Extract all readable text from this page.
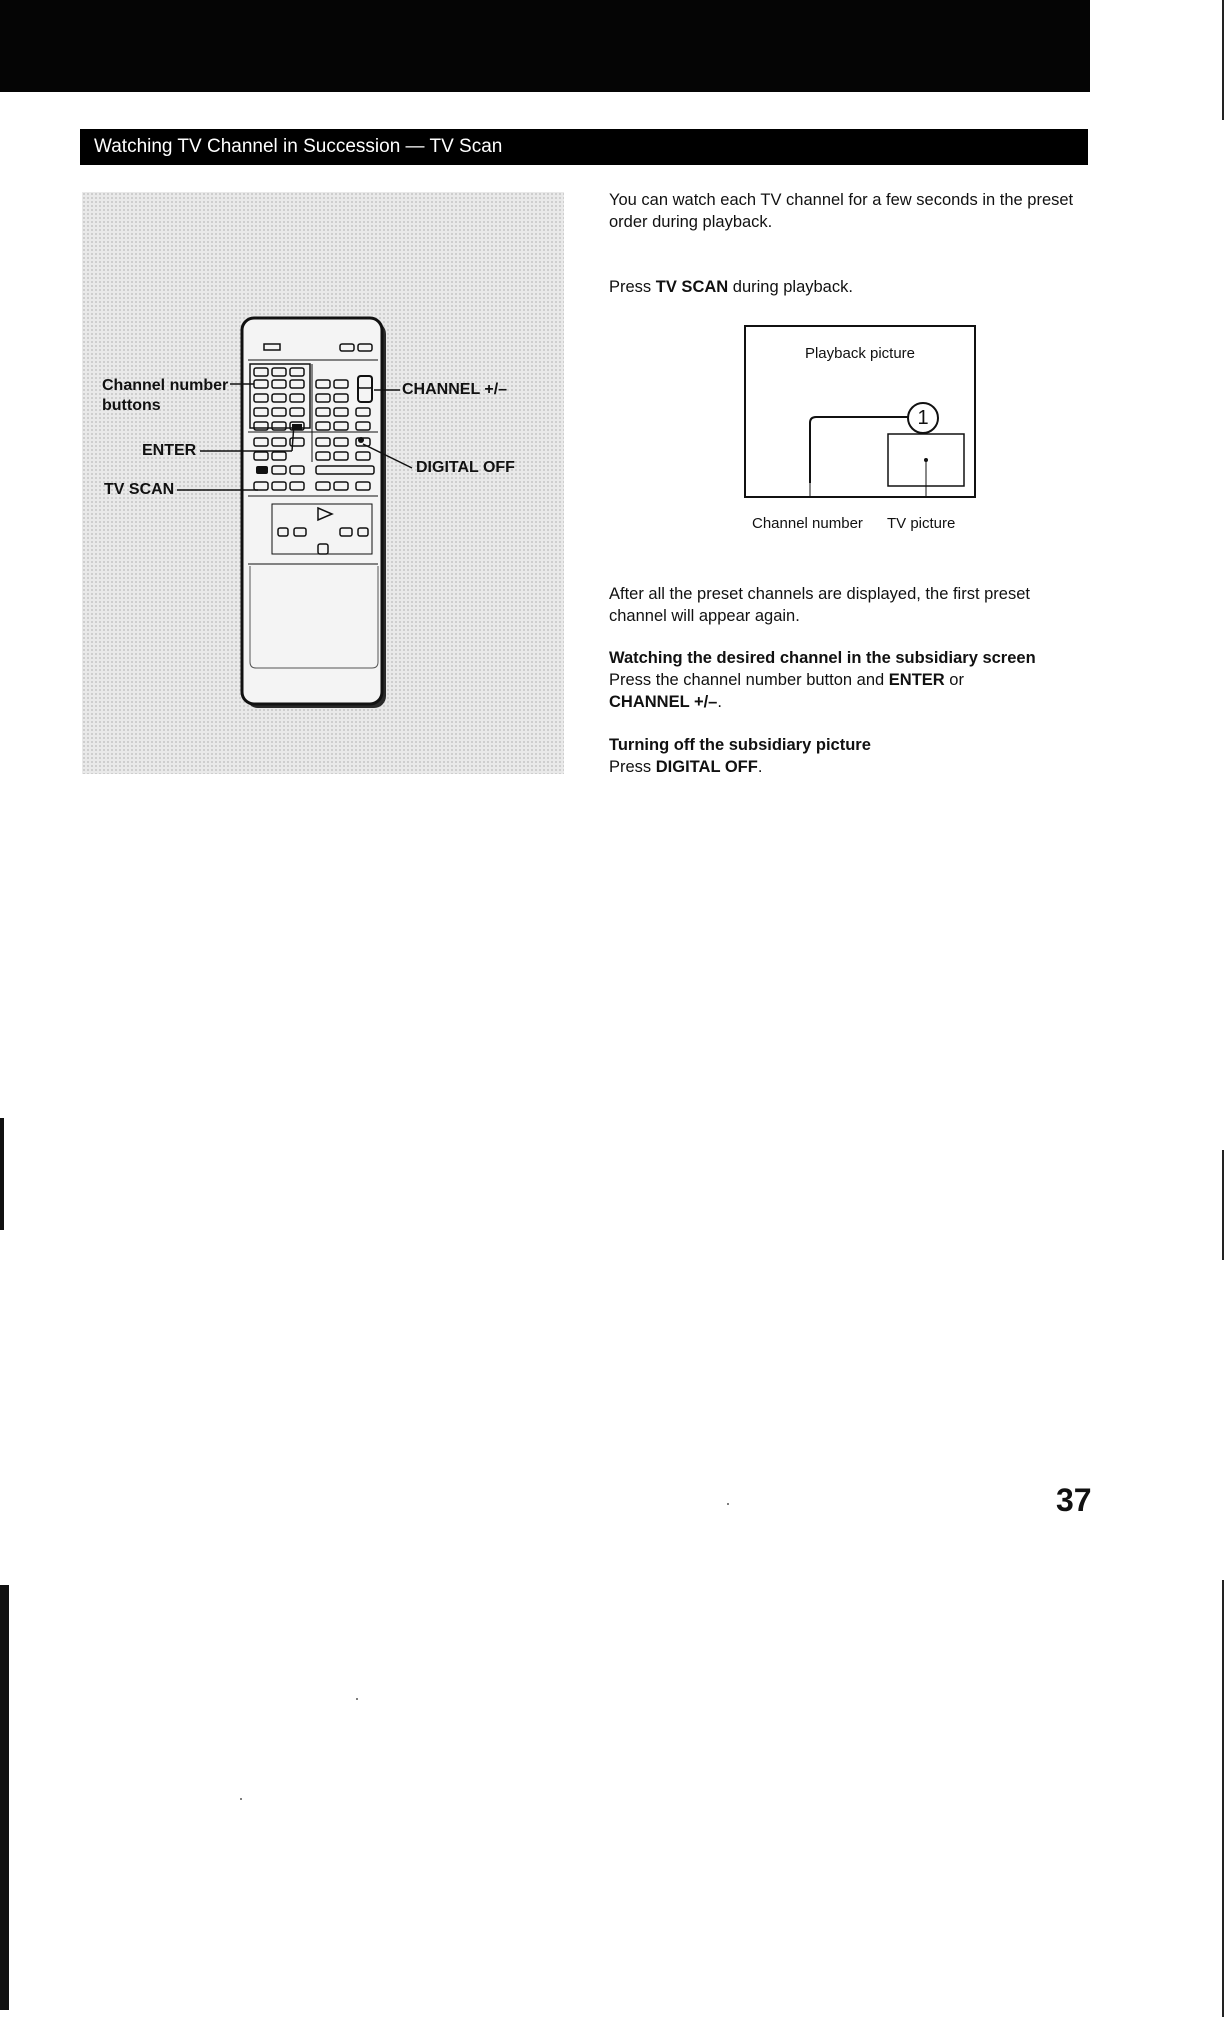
Watching TV Channel in Succession — TV Scan
Channel number
buttons
ENTER
TV SCAN
CHANNEL +/–
DIGITAL OFF
You can watch each TV channel for a few seconds in the preset order during playback.
Press TV SCAN during playback.
Playback picture
1
Channel number TV picture
After all the preset channels are displayed, the first preset channel will appear again.
Watching the desired channel in the subsidiary screen
Press the channel number button and ENTER or
CHANNEL +/–.
Turning off the subsidiary picture
Press DIGITAL OFF.
37
